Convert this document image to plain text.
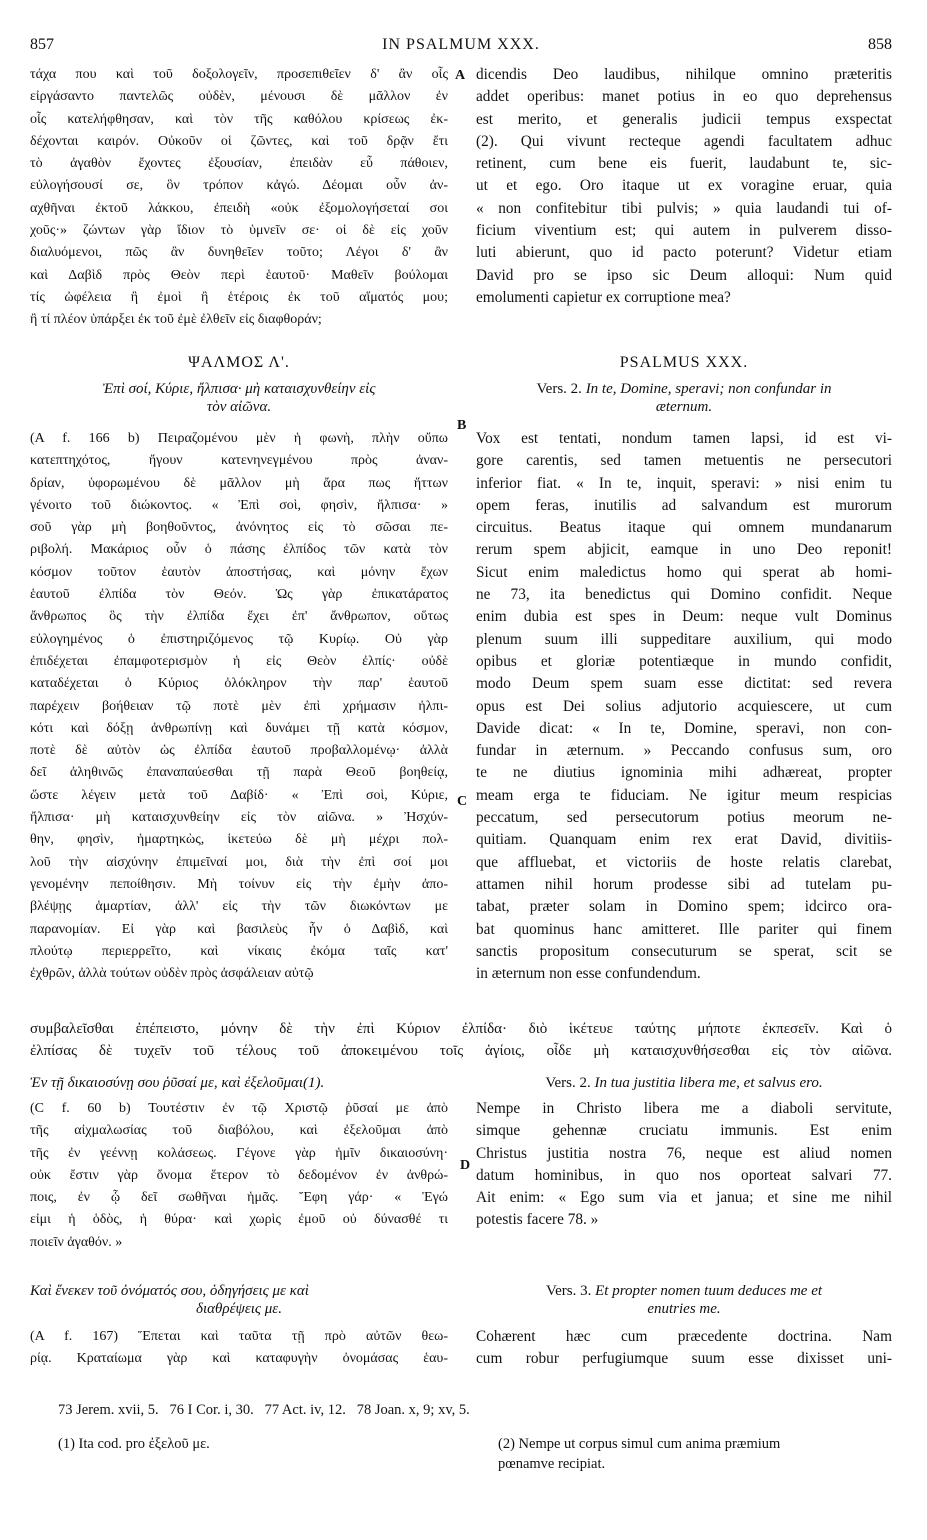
857	IN PSALMUM XXX.	858
τάχα που καὶ τοῦ δοξολογεῖν, προσεπιθεῖεν δ' ἂν οἷς
εἰργάσαντο παντελῶς οὐδὲν, μένουσι δὲ μᾶλλον ἐν
οἷς κατελήφθησαν, καὶ τὸν τῆς καθόλου κρίσεως ἐκ-
δέχονται καιρόν. Οὐκοῦν οἱ ζῶντες, καὶ τοῦ δρᾷν ἔτι
τὸ ἀγαθὸν ἔχοντες ἐξουσίαν, ἐπειδὰν εὖ πάθοιεν,
εὐλογήσουσί σε, ὃν τρόπον κἀγώ. Δέομαι οὖν ἀν-
αχθῆναι ἐκτοῦ λάκκου, ἐπειδὴ «οὐκ ἐξομολογήσεταί σοι
χοῦς·» ζώντων γὰρ ἴδιον τὸ ὑμνεῖν σε· οἱ δὲ εἰς χοῦν
διαλυόμενοι, πῶς ἂν δυνηθεῖεν τοῦτο; Λέγοι δ' ἂν
καὶ Δαβὶδ πρὸς Θεὸν περὶ ἑαυτοῦ· Μαθεῖν βούλομαι
τίς ὠφέλεια ἢ ἐμοὶ ἢ ἑτέροις ἐκ τοῦ αἵματός μου;
ἢ τί πλέον ὑπάρξει ἐκ τοῦ ἐμὲ ἐλθεῖν εἰς διαφθοράν;
dicendis Deo laudibus, nihilque omnino præteritis
addet operibus: manet potius in eo quo deprehensus
est merito, et generalis judicii tempus exspectat
(2). Qui vivunt recteque agendi facultatem adhuc
retinent, cum bene eis fuerit, laudabunt te, sic-
ut et ego. Oro itaque ut ex voragine eruar, quia
« non confitebitur tibi pulvis; » quia laudandi tui of-
ficium viventium est; qui autem in pulverem disso-
luti abierunt, quo id pacto poterunt? Videtur etiam
David pro se ipso sic Deum alloqui: Num quid
emolumenti capietur ex corruptione mea?
A
B
C
D
ΨΑΛΜΟΣ Λ'.	PSALMUS XXX.
Ἐπὶ σοί, Κύριε, ἤλπισα· μὴ καταισχυνθείην εἰς
τὸν αἰῶνα.
Vers. 2. In te, Domine, speravi; non confundar in
æternum.
(A f. 166 b) Πειραζομένου μὲν ἡ φωνὴ, πλὴν οὔπω
κατεπτηχότος, ἤγουν κατενηνεγμένου πρὸς ἀναν-
δρίαν, ὑφορωμένου δὲ μᾶλλον μὴ ἄρα πως ἥττων
γένοιτο τοῦ διώκοντος. « Ἐπὶ σοὶ, φησὶν, ἤλπισα· »
σοῦ γὰρ μὴ βοηθοῦντος, ἀνόνητος εἰς τὸ σῶσαι πε-
ριβολή. Μακάριος οὖν ὁ πάσης ἐλπίδος τῶν κατὰ τὸν
κόσμον τοῦτον ἑαυτὸν ἀποστήσας, καὶ μόνην ἔχων
ἑαυτοῦ ἐλπίδα τὸν Θεόν. Ὡς γὰρ ἐπικατάρατος
ἄνθρωπος ὃς τὴν ἐλπίδα ἔχει ἐπ' ἄνθρωπον, οὕτως
εὐλογημένος ὁ ἐπιστηριζόμενος τῷ Κυρίῳ. Οὐ γὰρ
ἐπιδέχεται ἐπαμφοτερισμὸν ἡ εἰς Θεὸν ἐλπίς· οὐδὲ
καταδέχεται ὁ Κύριος ὁλόκληρον τὴν παρ' ἑαυτοῦ
παρέχειν βοήθειαν τῷ ποτὲ μὲν ἐπὶ χρήμασιν ἠλπι-
κότι καὶ δόξῃ ἀνθρωπίνῃ καὶ δυνάμει τῇ κατὰ κόσμον,
ποτὲ δὲ αὐτὸν ὡς ἐλπίδα ἑαυτοῦ προβαλλομένῳ· ἀλλὰ
δεῖ ἀληθινῶς ἐπαναπαύεσθαι τῇ παρὰ Θεοῦ βοηθείᾳ,
ὥστε λέγειν μετὰ τοῦ Δαβίδ· « Ἐπὶ σοὶ, Κύριε,
ἤλπισα· μὴ καταισχυνθείην εἰς τὸν αἰῶνα. » Ἠσχύν-
θην, φησὶν, ἡμαρτηκὼς, ἱκετεύω δὲ μὴ μέχρι πολ-
λοῦ τὴν αἰσχύνην ἐπιμεῖναί μοι, διὰ τὴν ἐπὶ σοί μοι
γενομένην πεποίθησιν. Μὴ τοίνυν εἰς τὴν ἐμὴν ἀπο-
βλέψῃς ἁμαρτίαν, ἀλλ' εἰς τὴν τῶν διωκόντων με
παρανομίαν. Εἰ γὰρ καὶ βασιλεὺς ἦν ὁ Δαβὶδ, καὶ
πλούτῳ περιερρεῖτο, καὶ νίκαις ἐκόμα ταῖς κατ'
ἐχθρῶν, ἀλλὰ τούτων οὐδὲν πρὸς ἀσφάλειαν αὐτῷ
Vox est tentati, nondum tamen lapsi, id est vi-
gore carentis, sed tamen metuentis ne persecutori
inferior fiat. « In te, inquit, speravi: » nisi enim tu
opem feras, inutilis ad salvandum est murorum
circuitus. Beatus itaque qui omnem mundanarum
rerum spem abjicit, eamque in uno Deo reponit!
Sicut enim maledictus homo qui sperat ab homi-
ne 73, ita benedictus qui Domino confidit. Neque
enim dubia est spes in Deum: neque vult Dominus
plenum suum illi suppeditare auxilium, qui modo
opibus et gloriæ potentiæque in mundo confidit,
modo Deum spem suam esse dictitat: sed revera
opus est Dei solius adjutorio acquiescere, ut cum
Davide dicat: « In te, Domine, speravi, non con-
fundar in æternum. » Peccando confusus sum, oro
te ne diutius ignominia mihi adhæreat, propter
meam erga te fiduciam. Ne igitur meum respicias
peccatum, sed persecutorum potius meorum ne-
quitiam. Quanquam enim rex erat David, divitiis-
que affluebat, et victoriis de hoste relatis clarebat,
attamen nihil horum prodesse sibi ad tutelam pu-
tabat, præter solam in Domino spem; idcirco ora-
bat quominus hanc amitteret. Ille pariter qui finem
sanctis propositum consecuturum se sperat, scit se
in æternum non esse confundendum.
συμβαλεῖσθαι ἐπέπειστο, μόνην δὲ τὴν ἐπὶ Κύριον ἐλπίδα· διὸ ἱκέτευε ταύτης μήποτε ἐκπεσεῖν. Καὶ ὁ
ἐλπίσας δὲ τυχεῖν τοῦ τέλους τοῦ ἀποκειμένου τοῖς ἁγίοις, οἶδε μὴ καταισχυνθήσεσθαι εἰς τὸν αἰῶνα.
Ἐν τῇ δικαιοσύνῃ σου ῥῦσαί με, καὶ ἐξελοῦμαι(1).	Vers. 2. In tua justitia libera me, et salvus ero.
(C f. 60 b) Τουτέστιν ἐν τῷ Χριστῷ ῥῦσαί με ἀπὸ
τῆς αἰχμαλωσίας τοῦ διαβόλου, καὶ ἐξελοῦμαι ἀπὸ
τῆς ἐν γεέννῃ κολάσεως. Γέγονε γὰρ ἡμῖν δικαιοσύνη·
οὐκ ἔστιν γὰρ ὄνομα ἕτερον τὸ δεδομένον ἐν ἀνθρώ-
ποις, ἐν ᾧ δεῖ σωθῆναι ἡμᾶς. Ἔφη γάρ· « Ἐγώ
εἰμι ἡ ὁδὸς, ἡ θύρα· καὶ χωρὶς ἐμοῦ οὐ δύνασθέ τι
ποιεῖν ἀγαθόν. »
Nempe in Christo libera me a diaboli servitute,
simque gehennæ cruciatu immunis. Est enim
Christus justitia nostra 76, neque est aliud nomen
datum hominibus, in quo nos oporteat salvari 77.
Ait enim: « Ego sum via et janua; et sine me nihil
potestis facere 78. »
Καὶ ἕνεκεν τοῦ ὀνόματός σου, ὁδηγήσεις με καὶ
διαθρέψεις με.
Vers. 3. Et propter nomen tuum deduces me et
enutries me.
(A f. 167) Ἕπεται καὶ ταῦτα τῇ πρὸ αὐτῶν θεω-
ρίᾳ. Κραταίωμα γὰρ καὶ καταφυγὴν ὀνομάσας ἑαυ-
Cohærent hæc cum præcedente doctrina. Nam
cum robur perfugiumque suum esse dixisset uni-
73 Jerem. xvii, 5.   76 I Cor. i, 30.   77 Act. iv, 12.   78 Joan. x, 9; xv, 5.
(1) Ita cod. pro ἐξελοῦ με.	(2) Nempe ut corpus simul cum anima præmium
pœnamve recipiat.
